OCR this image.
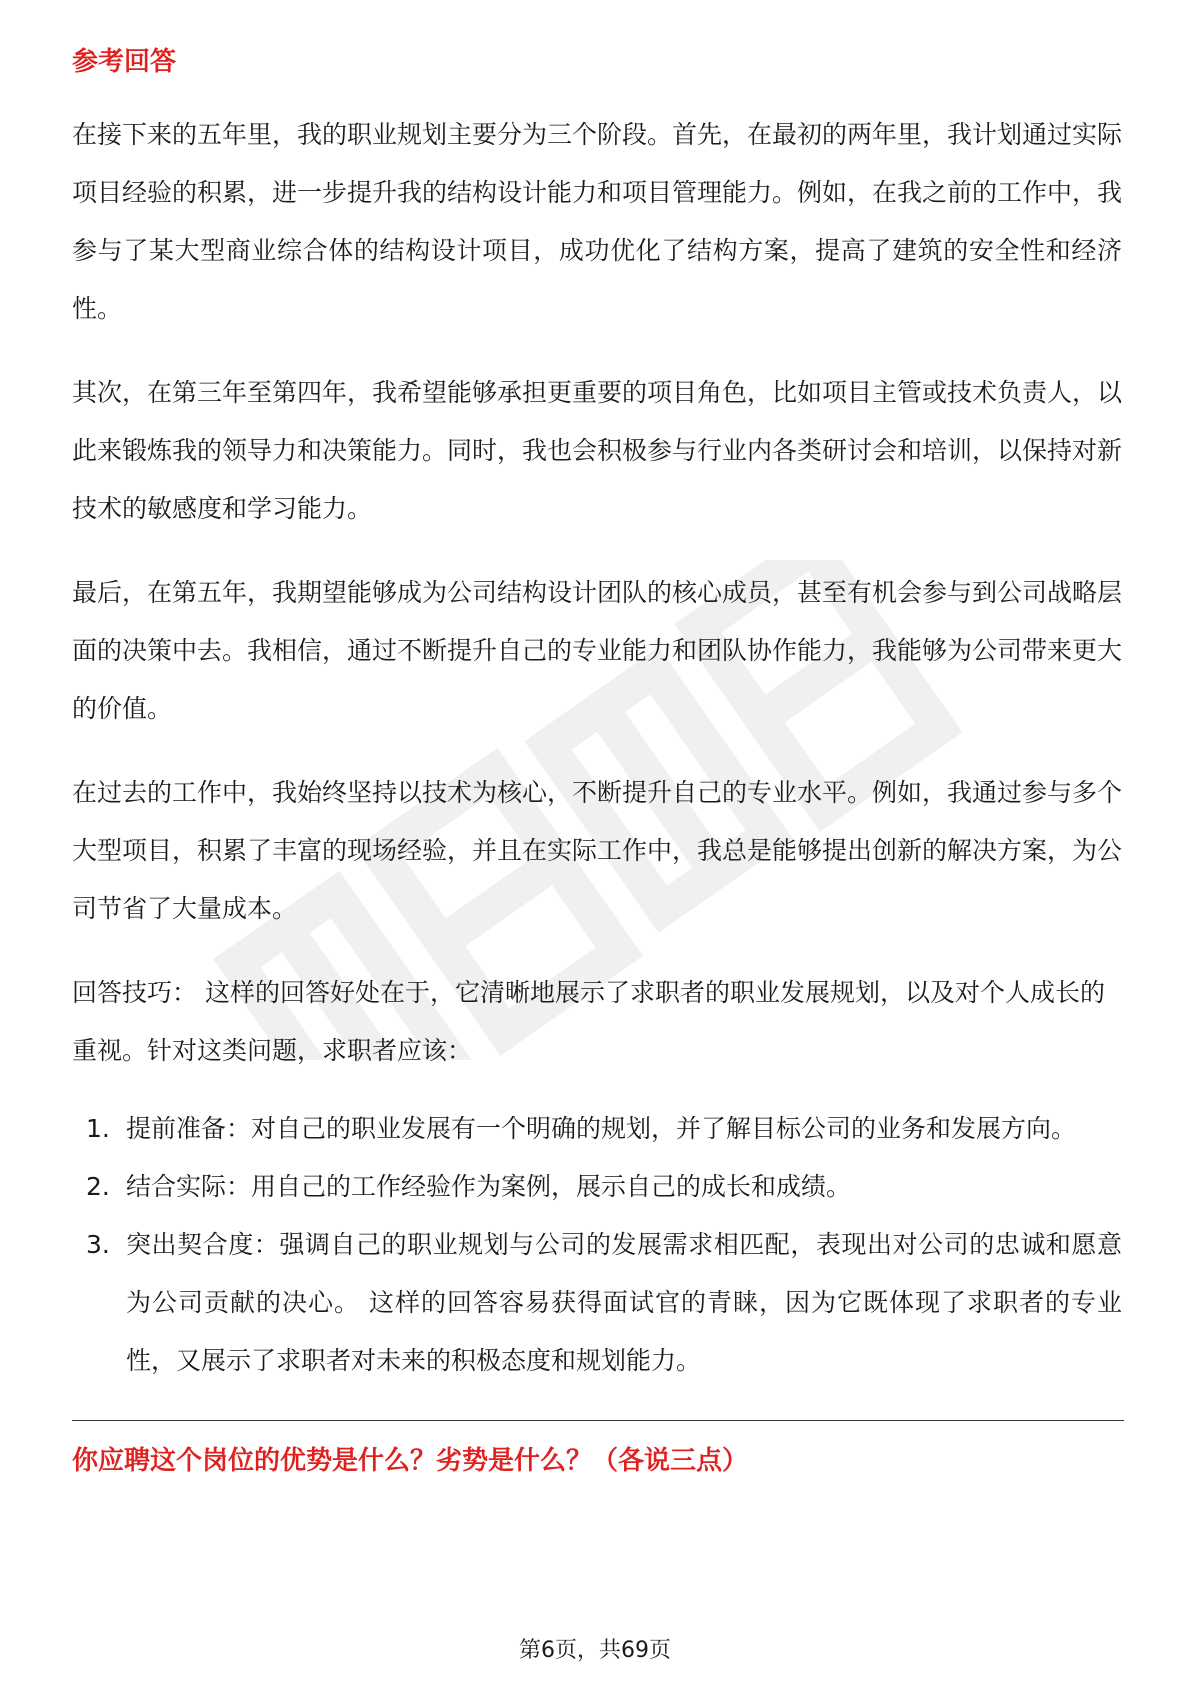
参考回答

在接下来的五年里，我的职业规划主要分为三个阶段。首先，在最初的两年里，我计划通过实际项目经验的积累，进一步提升我的结构设计能力和项目管理能力。例如，在我之前的工作中，我参与了某大型商业综合体的结构设计项目，成功优化了结构方案，提高了建筑的安全性和经济性。

其次，在第三年至第四年，我希望能够承担更重要的项目角色，比如项目主管或技术负责人，以此来锻炼我的领导力和决策能力。同时，我也会积极参与行业内各类研讨会和培训，以保持对新技术的敏感度和学习能力。

最后，在第五年，我期望能够成为公司结构设计团队的核心成员，甚至有机会参与到公司战略层面的决策中去。我相信，通过不断提升自己的专业能力和团队协作能力，我能够为公司带来更大的价值。

在过去的工作中，我始终坚持以技术为核心，不断提升自己的专业水平。例如，我通过参与多个大型项目，积累了丰富的现场经验，并且在实际工作中，我总是能够提出创新的解决方案，为公司节省了大量成本。

回答技巧： 这样的回答好处在于，它清晰地展示了求职者的职业发展规划，以及对个人成长的重视。针对这类问题，求职者应该：

1. 提前准备：对自己的职业发展有一个明确的规划，并了解目标公司的业务和发展方向。
2. 结合实际：用自己的工作经验作为案例，展示自己的成长和成绩。
3. 突出契合度：强调自己的职业规划与公司的发展需求相匹配，表现出对公司的忠诚和愿意为公司贡献的决心。 这样的回答容易获得面试官的青睐，因为它既体现了求职者的专业性，又展示了求职者对未来的积极态度和规划能力。
你应聘这个岗位的优势是什么？劣势是什么？（各说三点）
第6页，共69页
